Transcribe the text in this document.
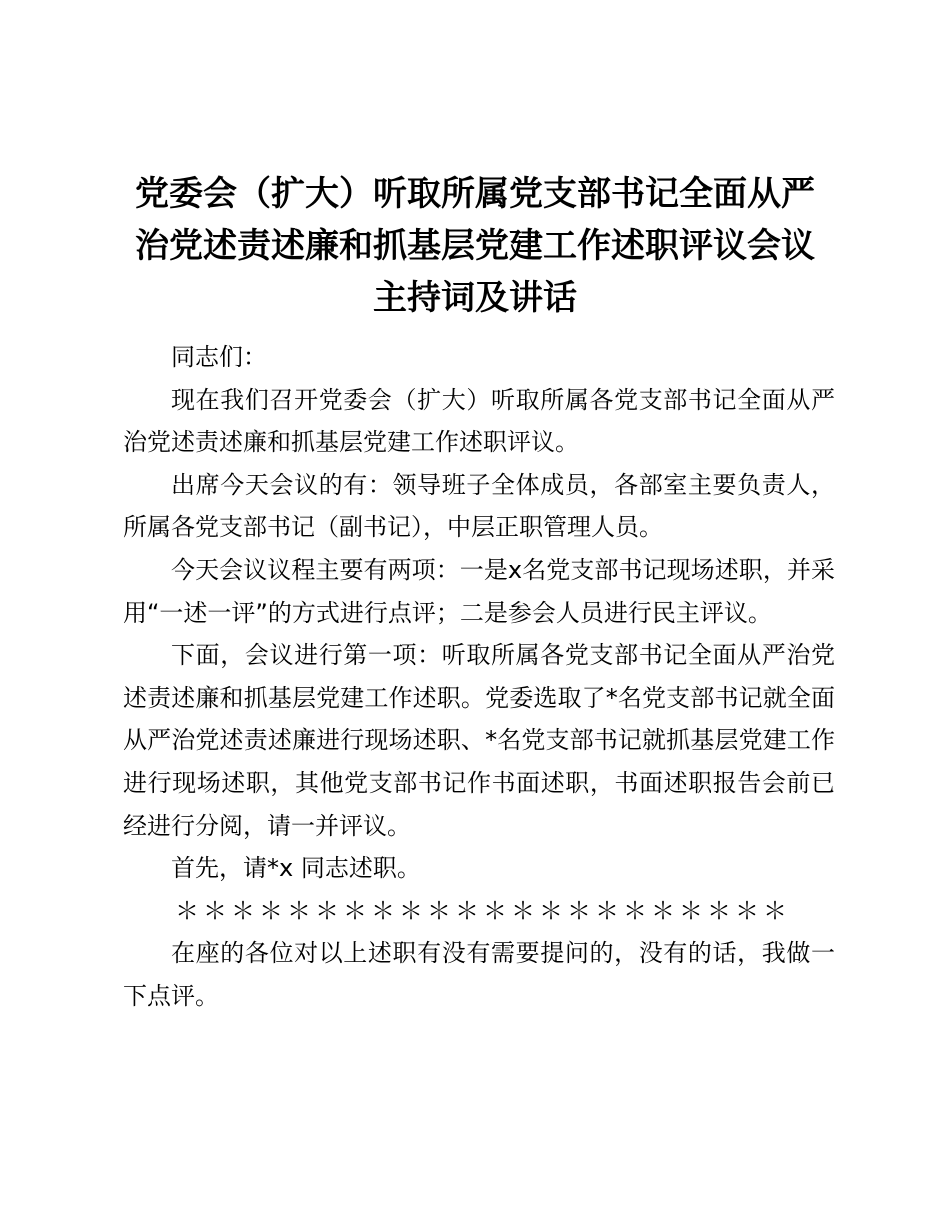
党委会（扩大）听取所属党支部书记全面从严
治党述责述廉和抓基层党建工作述职评议会议
主持词及讲话

同志们：

现在我们召开党委会（扩大）听取所属各党支部书记全面从严治党述责述廉和抓基层党建工作述职评议。

出席今天会议的有：领导班子全体成员，各部室主要负责人，所属各党支部书记（副书记），中层正职管理人员。

今天会议议程主要有两项：一是x名党支部书记现场述职，并采用“一述一评”的方式进行点评；二是参会人员进行民主评议。

下面，会议进行第一项：听取所属各党支部书记全面从严治党述责述廉和抓基层党建工作述职。党委选取了*名党支部书记就全面从严治党述责述廉进行现场述职、*名党支部书记就抓基层党建工作进行现场述职，其他党支部书记作书面述职，书面述职报告会前已经进行分阅，请一并评议。

首先，请*x 同志述职。

＊＊＊＊＊＊＊＊＊＊＊＊＊＊＊＊＊＊＊＊＊＊

在座的各位对以上述职有没有需要提问的，没有的话，我做一下点评。
